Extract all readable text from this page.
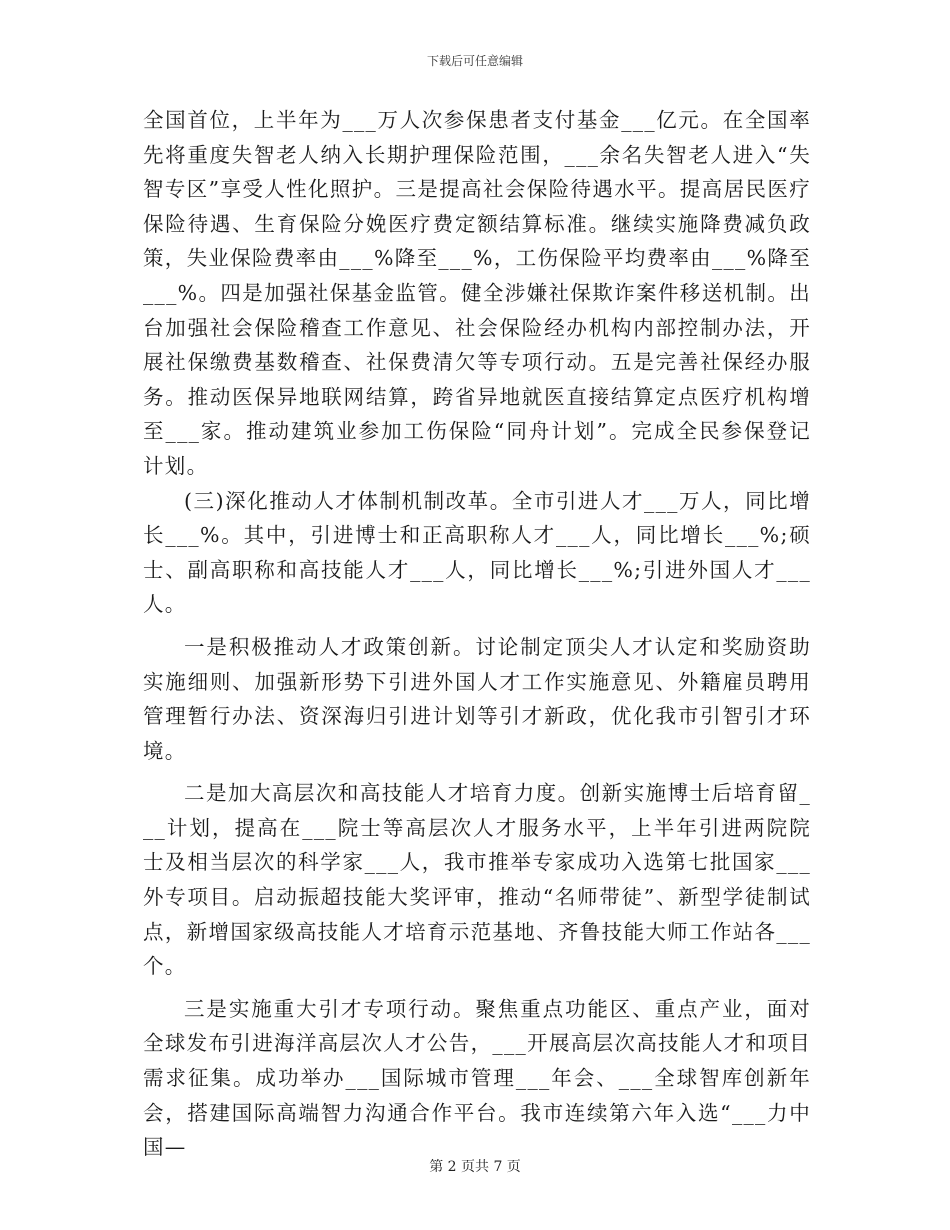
下载后可任意编辑

全国首位，上半年为___万人次参保患者支付基金___亿元。在全国率先将重度失智老人纳入长期护理保险范围，___余名失智老人进入“失智专区”享受人性化照护。三是提高社会保险待遇水平。提高居民医疗保险待遇、生育保险分娩医疗费定额结算标准。继续实施降费减负政策，失业保险费率由___%降至___%，工伤保险平均费率由___%降至___%。四是加强社保基金监管。健全涉嫌社保欺诈案件移送机制。出台加强社会保险稽查工作意见、社会保险经办机构内部控制办法，开展社保缴费基数稽查、社保费清欠等专项行动。五是完善社保经办服务。推动医保异地联网结算，跨省异地就医直接结算定点医疗机构增至___家。推动建筑业参加工伤保险“同舟计划”。完成全民参保登记计划。

(三)深化推动人才体制机制改革。全市引进人才___万人，同比增长___%。其中，引进博士和正高职称人才___人，同比增长___%;硕士、副高职称和高技能人才___人，同比增长___%;引进外国人才___人。

一是积极推动人才政策创新。讨论制定顶尖人才认定和奖励资助实施细则、加强新形势下引进外国人才工作实施意见、外籍雇员聘用管理暂行办法、资深海归引进计划等引才新政，优化我市引智引才环境。

二是加大高层次和高技能人才培育力度。创新实施博士后培育留___计划，提高在___院士等高层次人才服务水平，上半年引进两院院士及相当层次的科学家___人，我市推举专家成功入选第七批国家___外专项目。启动振超技能大奖评审，推动“名师带徒”、新型学徒制试点，新增国家级高技能人才培育示范基地、齐鲁技能大师工作站各___个。

三是实施重大引才专项行动。聚焦重点功能区、重点产业，面对全球发布引进海洋高层次人才公告，___开展高层次高技能人才和项目需求征集。成功举办___国际城市管理___年会、___全球智库创新年会，搭建国际高端智力沟通合作平台。我市连续第六年入选“___力中国—

第 2 页共 7 页
